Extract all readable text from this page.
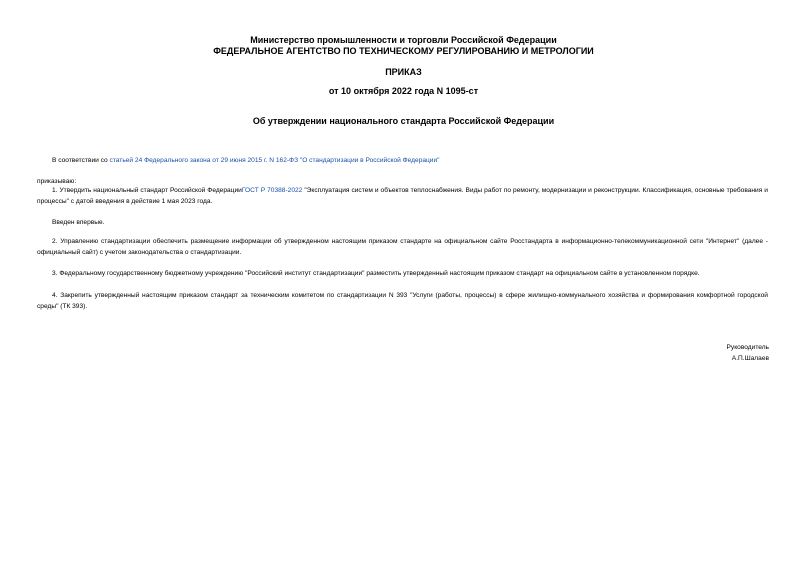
Министерство промышленности и торговли Российской Федерации
ФЕДЕРАЛЬНОЕ АГЕНТСТВО ПО ТЕХНИЧЕСКОМУ РЕГУЛИРОВАНИЮ И МЕТРОЛОГИИ
ПРИКАЗ
от 10 октября 2022 года N 1095-ст
Об утверждении национального стандарта Российской Федерации
В соответствии со статьей 24 Федерального закона от 29 июня 2015 г. N 162-ФЗ "О стандартизации в Российской Федерации"
приказываю:
1. Утвердить национальный стандарт Российской ФедерацииГОСТ Р 70388-2022 "Эксплуатация систем и объектов теплоснабжения. Виды работ по ремонту, модернизации и реконструкции. Классификация, основные требования и процессы" с датой введения в действие 1 мая 2023 года.
Введен впервые.
2. Управлению стандартизации обеспечить размещение информации об утвержденном настоящим приказом стандарте на официальном сайте Росстандарта в информационно-телекоммуникационной сети "Интернет" (далее - официальный сайт) с учетом законодательства о стандартизации.
3. Федеральному государственному бюджетному учреждению "Российский институт стандартизации" разместить утвержденный настоящим приказом стандарт на официальном сайте в установленном порядке.
4. Закрепить утвержденный настоящим приказом стандарт за техническим комитетом по стандартизации N 393 "Услуги (работы, процессы) в сфере жилищно-коммунального хозяйства и формирования комфортной городской среды" (ТК 393).
Руководитель
А.П.Шалаев
